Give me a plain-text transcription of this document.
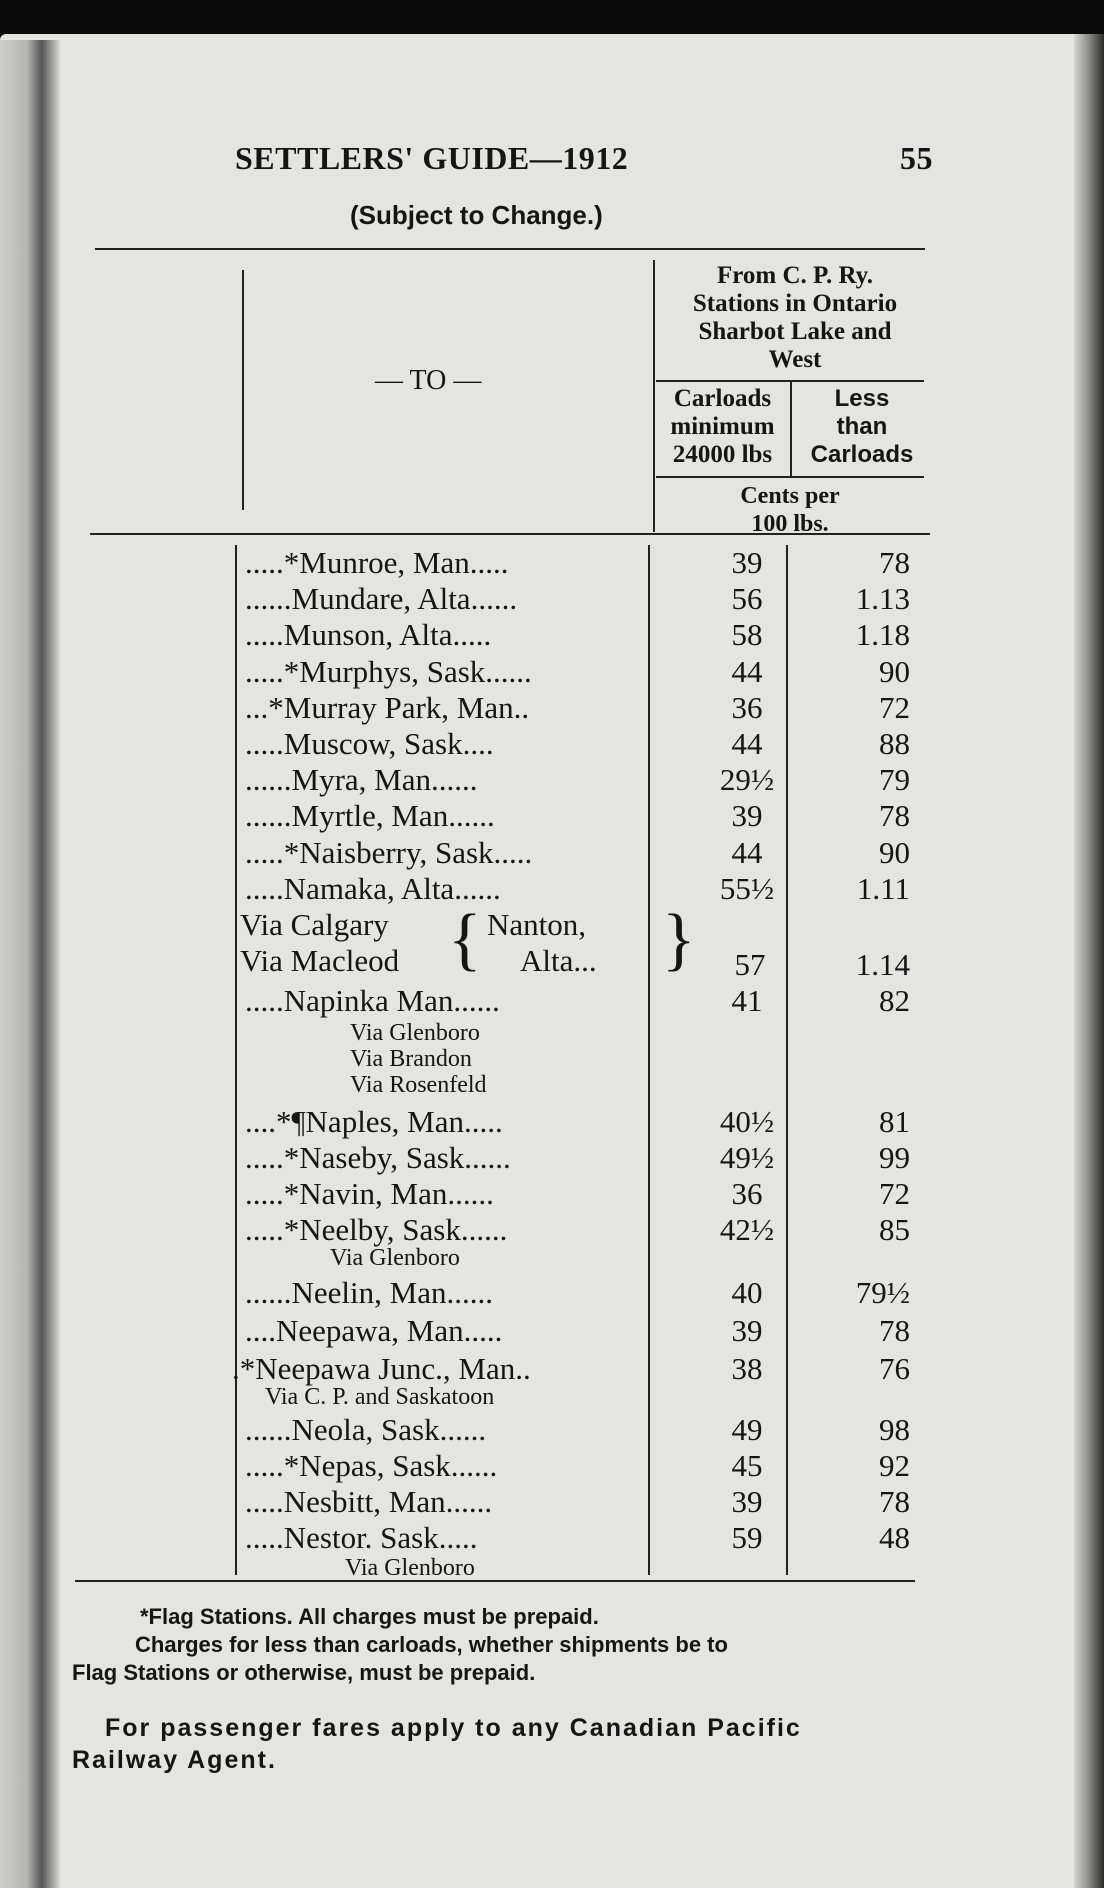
SETTLERS' GUIDE—1912	55
(Subject to Change.)
— TO —
From C. P. Ry.
Stations in Ontario
Sharbot Lake and
West
Carloads
minimum
24000 lbs
Less
than
Carloads
Cents per
100 lbs.
.....*Munroe, Man.....	39	78
......Mundare, Alta......	56	1.13
.....Munson, Alta.....	58	1.18
.....*Murphys, Sask......	44	90
...*Murray Park, Man..	36	72
.....Muscow, Sask....	44	88
......Myra, Man......	29½	79
......Myrtle, Man......	39	78
.....*Naisberry, Sask.....	44	90
.....Namaka, Alta......	55½	1.11
Via Calgary
Via Macleod { Nanton,
Alta... }	57	1.14
.....Napinka Man......	41	82
Via Glenboro
Via Brandon
Via Rosenfeld
....*¶Naples, Man.....	40½	81
.....*Naseby, Sask......	49½	99
.....*Navin, Man......	36	72
.....*Neelby, Sask......	42½	85
Via Glenboro
......Neelin, Man......	40	79½
....Neepawa, Man.....	39	78
.*Neepawa Junc., Man..	38	76
Via C. P. and Saskatoon
......Neola, Sask......	49	98
.....*Nepas, Sask......	45	92
.....Nesbitt, Man......	39	78
.....Nestor. Sask.....	59	48
Via Glenboro
*Flag Stations. All charges must be prepaid.
Charges for less than carloads, whether shipments be to
Flag Stations or otherwise, must be prepaid.
For passenger fares apply to any Canadian Pacific
Railway Agent.
